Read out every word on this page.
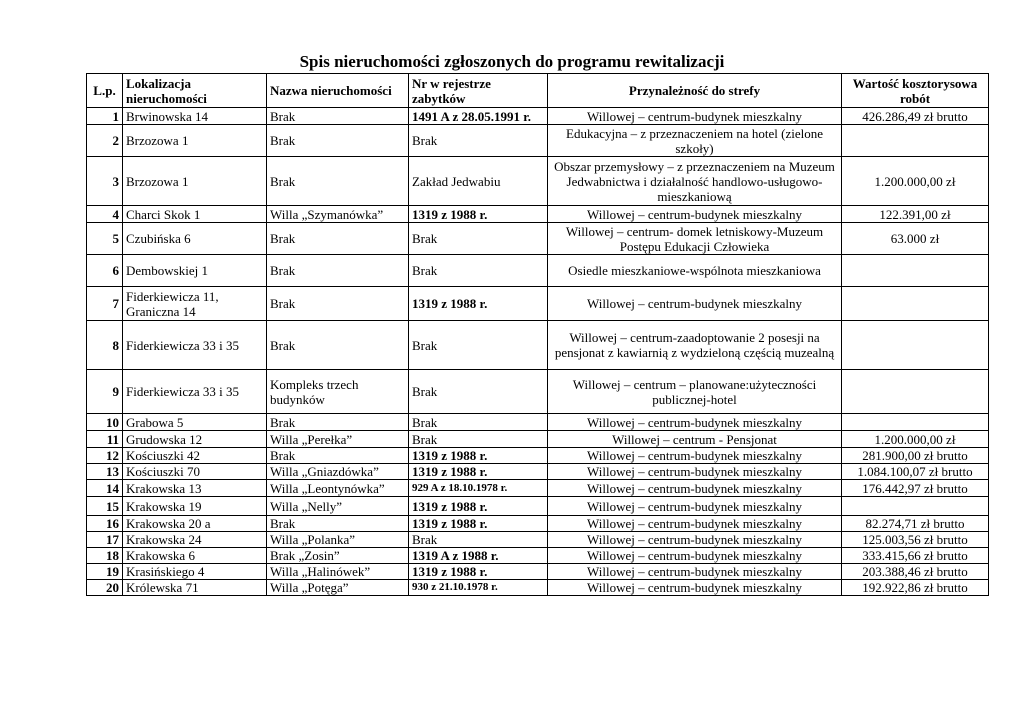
Spis nieruchomości zgłoszonych do programu rewitalizacji
L.p.	Lokalizacja nieruchomości	Nazwa nieruchomości	Nr w rejestrze zabytków	Przynależność do strefy	Wartość kosztorysowa robót
1	Brwinowska 14	Brak	1491 A z 28.05.1991 r.	Willowej – centrum-budynek mieszkalny	426.286,49 zł brutto
2	Brzozowa 1	Brak	Brak	Edukacyjna – z przeznaczeniem na hotel (zielone szkoły)	
3	Brzozowa 1	Brak	Zakład Jedwabiu	Obszar przemysłowy – z przeznaczeniem na Muzeum Jedwabnictwa i działalność handlowo-usługowo-mieszkaniową	1.200.000,00 zł
4	Charci Skok 1	Willa „Szymanówka”	1319 z 1988 r.	Willowej – centrum-budynek mieszkalny	122.391,00 zł
5	Czubińska 6	Brak	Brak	Willowej – centrum- domek letniskowy-Muzeum Postępu Edukacji Człowieka	63.000 zł
6	Dembowskiej 1	Brak	Brak	Osiedle mieszkaniowe-wspólnota mieszkaniowa	
7	Fiderkiewicza 11, Graniczna 14	Brak	1319 z 1988 r.	Willowej – centrum-budynek mieszkalny	
8	Fiderkiewicza 33 i 35	Brak	Brak	Willowej – centrum-zaadoptowanie 2 posesji na pensjonat z kawiarnią z wydzieloną częścią muzealną	
9	Fiderkiewicza 33 i 35	Kompleks trzech budynków	Brak	Willowej – centrum – planowane:użyteczności publicznej-hotel	
10	Grabowa 5	Brak	Brak	Willowej – centrum-budynek mieszkalny	
11	Grudowska 12	Willa „Perełka”	Brak	Willowej – centrum - Pensjonat	1.200.000,00 zł
12	Kościuszki 42	Brak	1319 z 1988 r.	Willowej – centrum-budynek mieszkalny	281.900,00 zł brutto
13	Kościuszki 70	Willa „Gniazdówka”	1319 z 1988 r.	Willowej – centrum-budynek mieszkalny	1.084.100,07 zł brutto
14	Krakowska 13	Willa „Leontynówka”	929 A z 18.10.1978 r.	Willowej – centrum-budynek mieszkalny	176.442,97 zł brutto
15	Krakowska 19	Willa „Nelly”	1319 z 1988 r.	Willowej – centrum-budynek mieszkalny	
16	Krakowska 20 a	Brak	1319 z 1988 r.	Willowej – centrum-budynek mieszkalny	82.274,71 zł brutto
17	Krakowska 24	Willa „Polanka”	Brak	Willowej – centrum-budynek mieszkalny	125.003,56 zł brutto
18	Krakowska 6	Brak „Zosin”	1319 A z 1988 r.	Willowej – centrum-budynek mieszkalny	333.415,66 zł brutto
19	Krasińskiego 4	Willa „Halinówek”	1319 z 1988 r.	Willowej – centrum-budynek mieszkalny	203.388,46 zł brutto
20	Królewska 71	Willa „Potęga”	930 z 21.10.1978 r.	Willowej – centrum-budynek mieszkalny	192.922,86 zł brutto
